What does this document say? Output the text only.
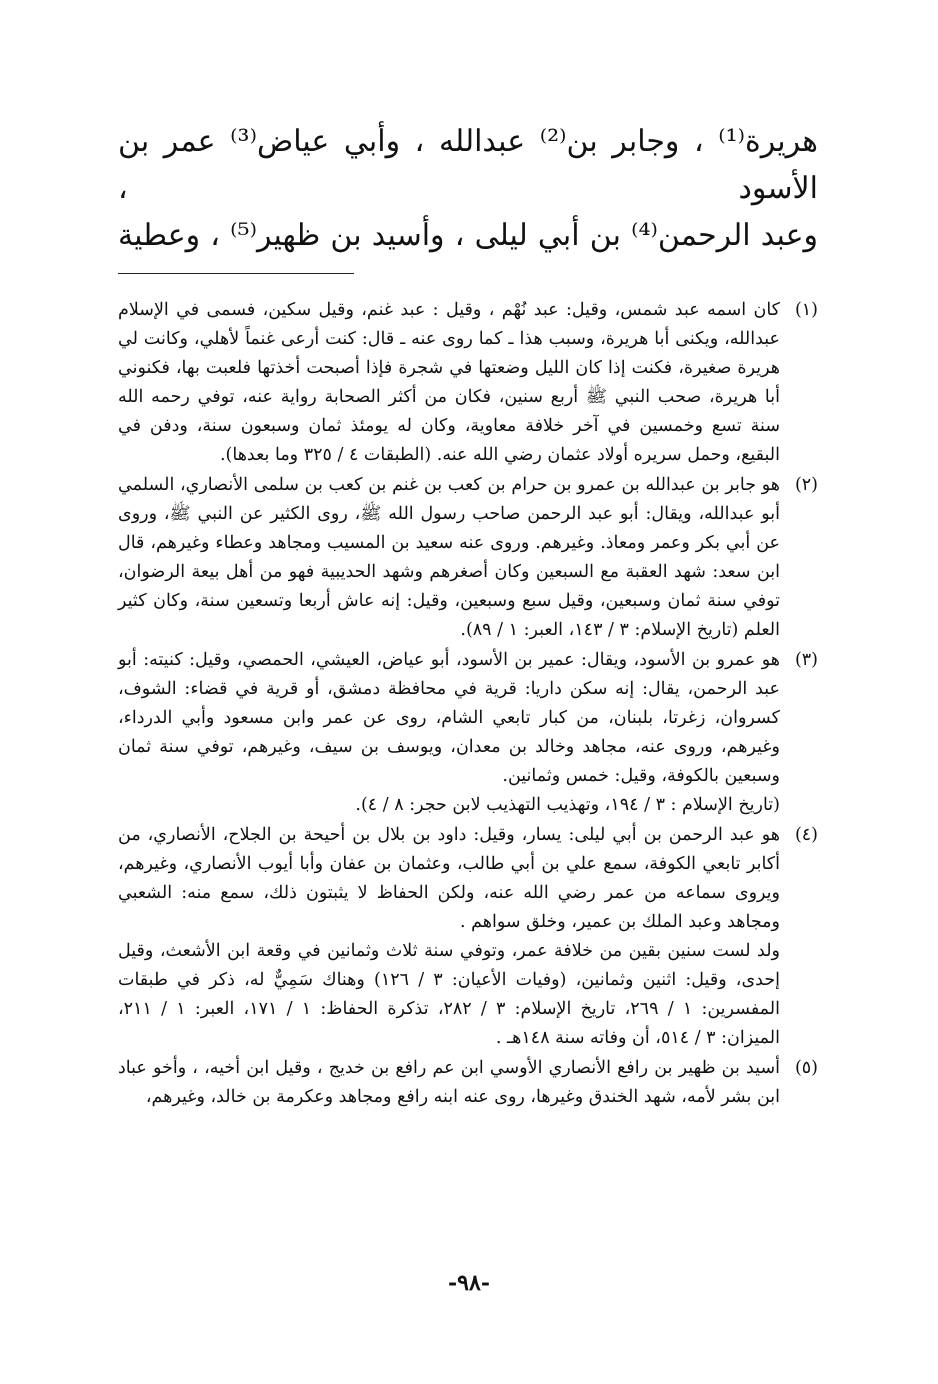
هريرة⁽¹⁾ ، وجابر بن⁽²⁾ عبدالله ، وأبي عياض⁽³⁾ عمر بن الأسود ،
وعبد الرحمن⁽⁴⁾ بن أبي ليلى ، وأسيد بن ظهير⁽⁵⁾ ، وعطية
(١)

كان اسمه عبد شمس، وقيل: عبد نُهْم ، وقيل : عبد غنم، وقيل سكين، فسمى في الإسلام عبدالله، ويكنى أبا هريرة، وسبب هذا ـ كما روى عنه ـ قال: كنت أرعى غنماً لأهلي، وكانت لي هريرة صغيرة، فكنت إذا كان الليل وضعتها في شجرة فإذا أصبحت أخذتها فلعبت بها، فكنوني أبا هريرة، صحب النبي ﷺ أربع سنين، فكان من أكثر الصحابة رواية عنه، توفي رحمه الله سنة تسع وخمسين في آخر خلافة معاوية، وكان له يومئذ ثمان وسبعون سنة، ودفن في البقيع، وحمل سريره أولاد عثمان رضي الله عنه. (الطبقات ٤ / ٣٢٥ وما بعدها).

(٢)

هو جابر بن عبدالله بن عمرو بن حرام بن كعب بن غنم بن كعب بن سلمى الأنصاري، السلمي أبو عبدالله، ويقال: أبو عبد الرحمن صاحب رسول الله ﷺ، روى الكثير عن النبي ﷺ، وروى عن أبي بكر وعمر ومعاذ. وغيرهم. وروى عنه سعيد بن المسيب ومجاهد وعطاء وغيرهم، قال ابن سعد: شهد العقبة مع السبعين وكان أصغرهم وشهد الحديبية فهو من أهل بيعة الرضوان، توفي سنة ثمان وسبعين، وقيل سبع وسبعين، وقيل: إنه عاش أربعا وتسعين سنة، وكان كثير العلم (تاريخ الإسلام: ٣ / ١٤٣، العبر: ١ / ٨٩).

(٣)

هو عمرو بن الأسود، ويقال: عمير بن الأسود، أبو عياض، العيشي، الحمصي، وقيل: كنيته: أبو عبد الرحمن، يقال: إنه سكن داريا: قرية في محافظة دمشق، أو قرية في قضاء: الشوف، كسروان، زغرتا، بلبنان، من كبار تابعي الشام، روى عن عمر وابن مسعود وأبي الدرداء، وغيرهم، وروى عنه، مجاهد وخالد بن معدان، ويوسف بن سيف، وغيرهم، توفي سنة ثمان وسبعين بالكوفة، وقيل: خمس وثمانين.

(تاريخ الإسلام : ٣ / ١٩٤، وتهذيب التهذيب لابن حجر: ٨ / ٤).

(٤)

هو عبد الرحمن بن أبي ليلى: يسار، وقيل: داود بن بلال بن أحيحة بن الجلاح، الأنصاري، من أكابر تابعي الكوفة، سمع علي بن أبي طالب، وعثمان بن عفان وأبا أيوب الأنصاري، وغيرهم، ويروى سماعه من عمر رضي الله عنه، ولكن الحفاظ لا يثبتون ذلك، سمع منه: الشعبي ومجاهد وعبد الملك بن عمير، وخلق سواهم .

ولد لست سنين بقين من خلافة عمر، وتوفي سنة ثلاث وثمانين في وقعة ابن الأشعث، وقيل إحدى، وقيل: اثنين وثمانين، (وفيات الأعيان: ٣ / ١٢٦) وهناك سَمِيٌّ له، ذكر في طبقات المفسرين: ١ / ٢٦٩، تاريخ الإسلام: ٣ / ٢٨٢، تذكرة الحفاظ: ١ / ١٧١، العبر: ١ / ٢١١، الميزان: ٣ / ٥١٤، أن وفاته سنة ١٤٨هـ .

(٥)

أسيد بن ظهير بن رافع الأنصاري الأوسي ابن عم رافع بن خديج ، وقيل ابن أخيه، ، وأخو عباد ابن بشر لأمه، شهد الخندق وغيرها، روى عنه ابنه رافع ومجاهد وعكرمة بن خالد، وغيرهم،

-٩٨-
